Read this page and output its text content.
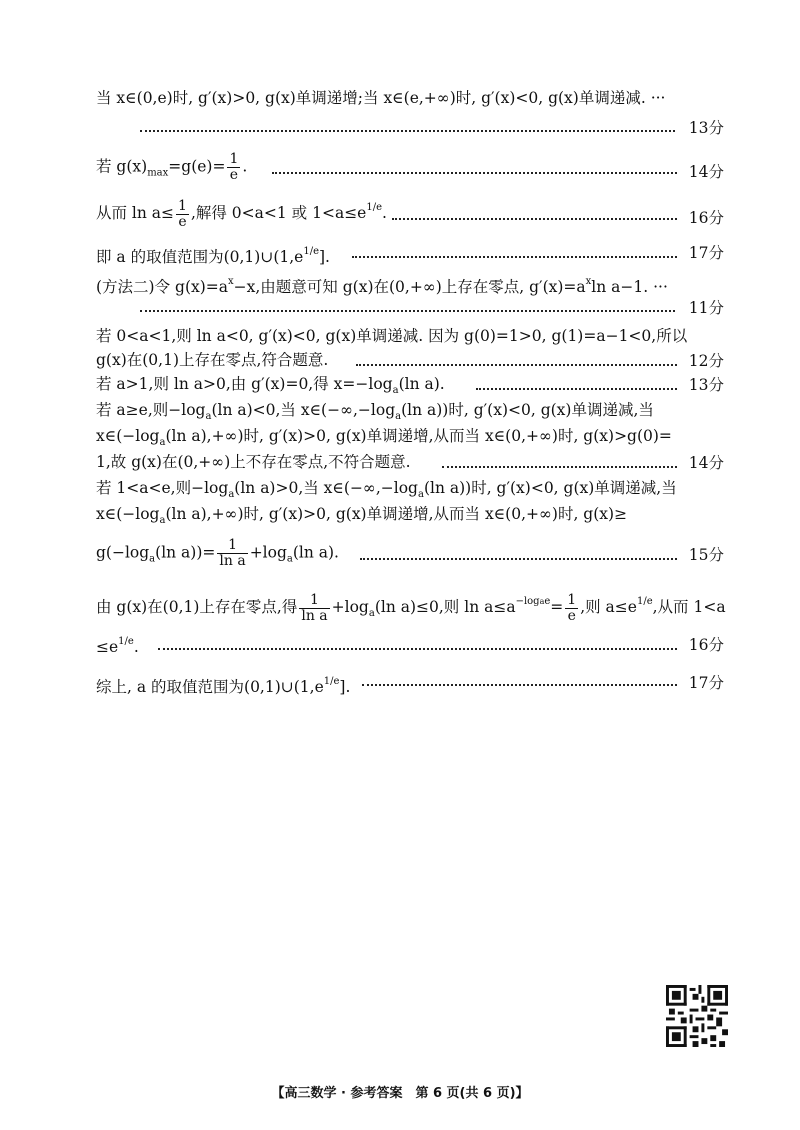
当 x∈(0,e)时, g′(x)>0, g(x)单调递增;当 x∈(e,+∞)时, g′(x)<0, g(x)单调递减. ···
13分
若 $g(x)_{max}=g(e)= \frac{1}{e}$ .	14分
从而 $\ln a\le \frac{1}{e}$ ,解得 0<a<1 或 $1<a\le e^{1/e}$.	16分
即 a 的取值范围为$(0,1)\cup(1,e^{1/e}]$.	17分
(方法二)令 $g(x)=a^x-x$,由题意可知 g(x)在(0,+∞)上存在零点, $g'(x)=a^x\ln$ a−1. ···
11分
若 0<a<1,则 ln a<0, g′(x)<0, g(x)单调递减. 因为 g(0)=1>0, g(1)=a−1<0,所以
g(x)在(0,1)上存在零点,符合题意.	12分
若 a>1,则 ln a>0,由 g′(x)=0,得 $x=-\log_a(\ln$ a).	13分
若 a≥e,则$-\log_a(\ln$ a)<0,当 $x\in(-\infty,-\log_a(\ln$ a))时, g′(x)<0, g(x)单调递减,当
$x\in(-\log_a(\ln$ a),+∞)时, g′(x)>0, g(x)单调递增,从而当 x∈(0,+∞)时, g(x)>g(0)=
1,故 g(x)在(0,+∞)上不存在零点,不符合题意.	14分
若 1<a<e,则$-\log_a(\ln$ a)>0,当 $x\in(-\infty,-\log_a(\ln$ a))时, g′(x)<0, g(x)单调递减,当
$x\in(-\log_a(\ln$ a),+∞)时, g′(x)>0, g(x)单调递增,从而当 x∈(0,+∞)时, g(x)≥
$g(-\log_a(\ln$ $a))= \frac{1}{\text{ln a}} +\log_a(\ln$ a).	15分
由 g(x)在(0,1)上存在零点,得 $\frac{1}{\text{ln a}} +\log_a(\ln$ a)≤0,则 $\ln a\le a^{-logae}= \frac{1}{e}$ ,则 $a\le e^{1/e}$,从而 1<a
$\le e^{1/e}$.	16分
综上, a 的取值范围为$(0,1)\cup(1,e^{1/e}]$.	17分
【高三数学 · 参考答案　第 6 页(共 6 页)】
